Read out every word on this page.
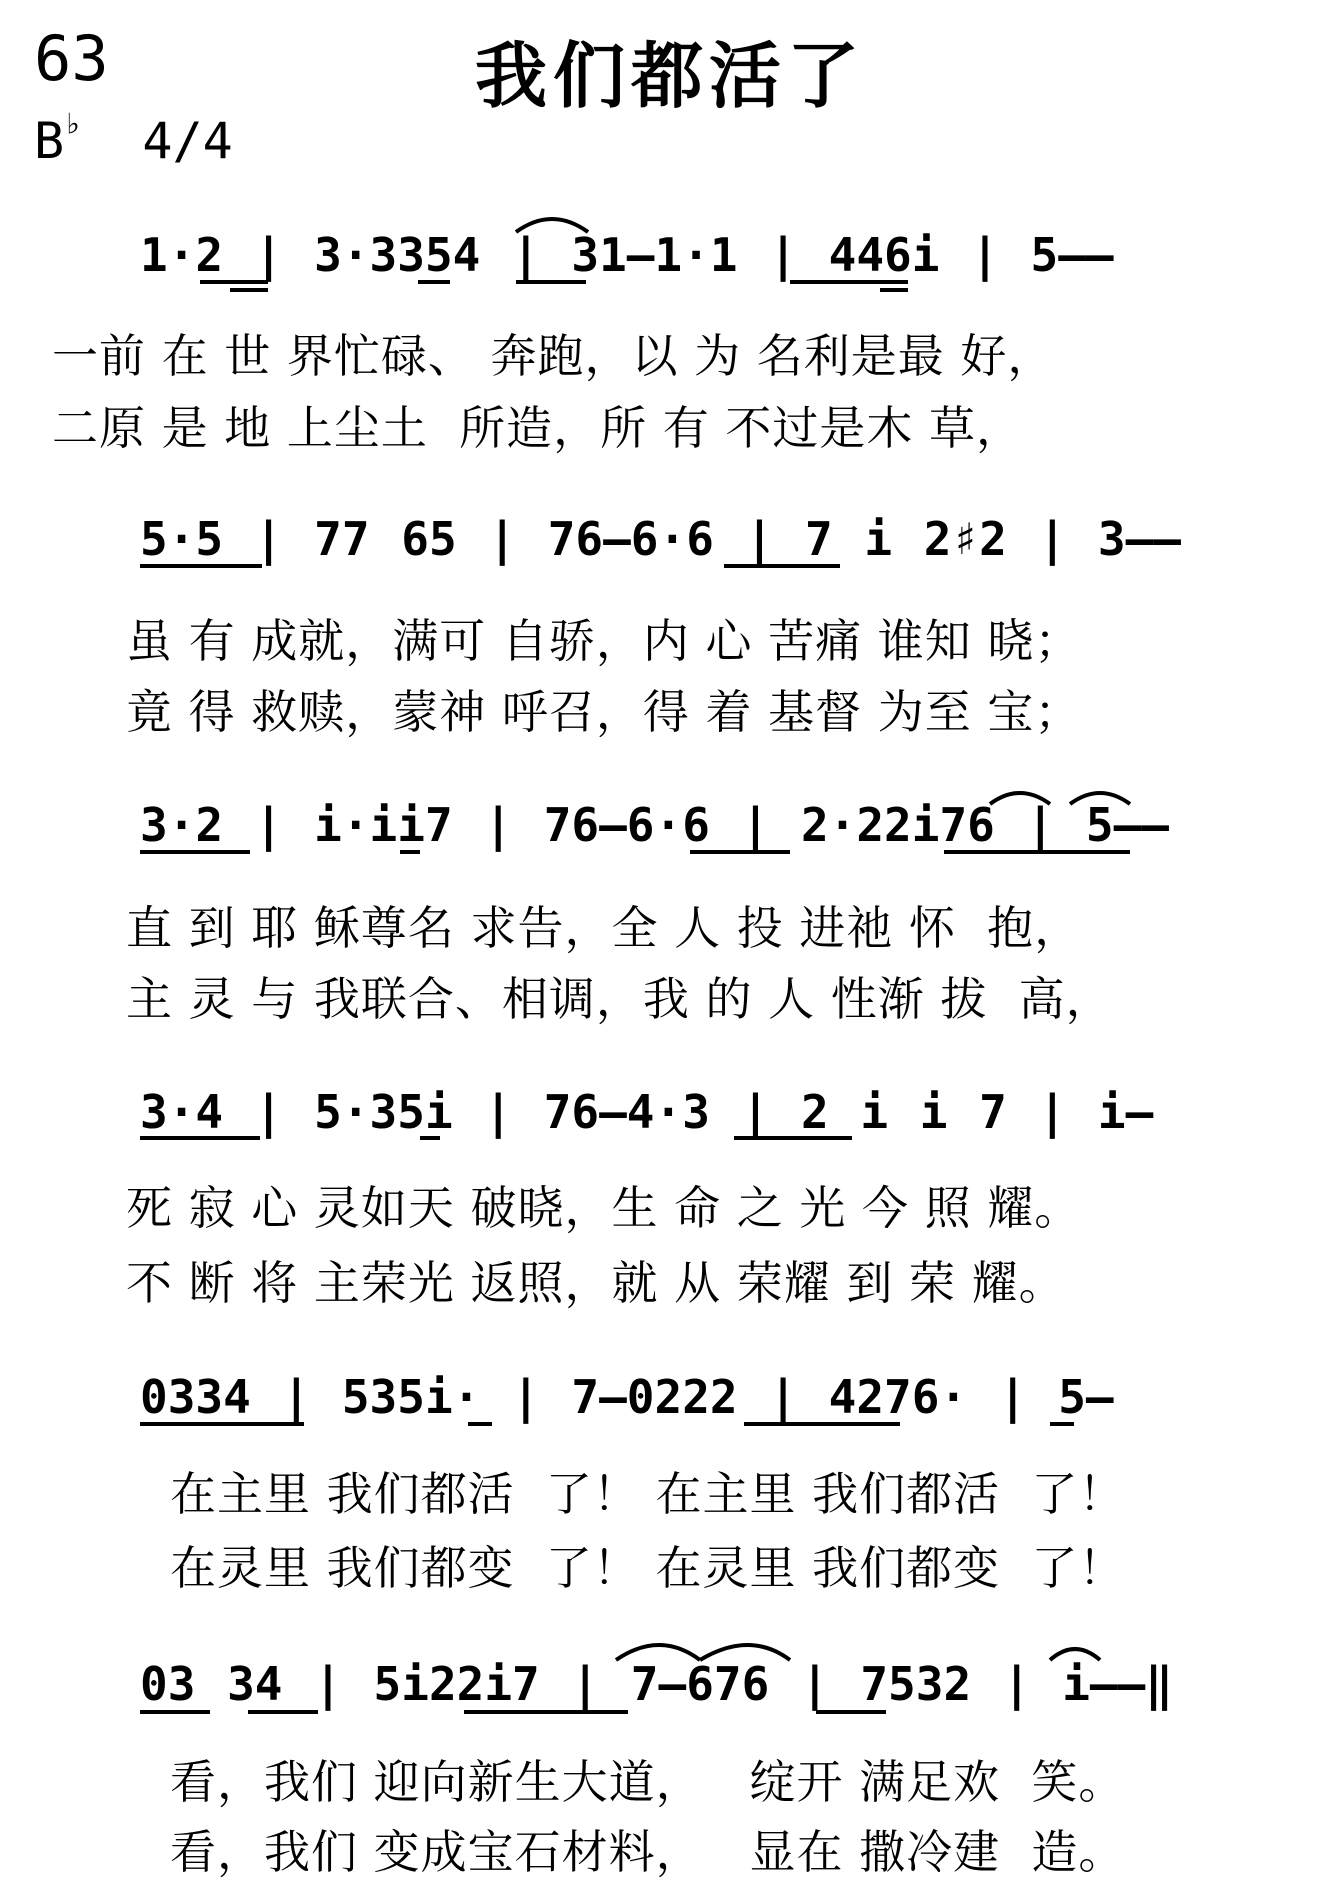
63	我们都活了
B♭ 4/4
1·2 | 3·3354 | 31–1·1 | 446i | 5––
一前 在 世 界忙碌、 奔跑，以 为 名利是最 好，
二原 是 地 上尘土  所造，所 有 不过是木 草，
5·5 | 77 65 | 76–6·6 | 7 i 2♯2 | 3––
虽 有 成就，满可 自骄，内 心 苦痛 谁知 晓；
竟 得 救赎，蒙神 呼召，得 着 基督 为至 宝；
3·2 | i·ii7 | 76–6·6 | 2·22i76 | 5––
直 到 耶 稣尊名 求告，全 人 投 进祂 怀  抱，
主 灵 与 我联合、相调，我 的 人 性渐 拔  高，
3·4 | 5·35i | 76–4·3 | 2 i i 7 | i–
死 寂 心 灵如天 破晓，生 命 之 光 今 照 耀。
不 断 将 主荣光 返照，就 从 荣耀 到 荣 耀。
0334 | 535i· | 7–0222 | 4276· | 5–
在主里 我们都活  了！ 在主里 我们都活  了！
在灵里 我们都变  了！ 在灵里 我们都变  了！
03 34 | 5i22i7 | 7–676 | 7532 | i––‖
看，我们 迎向新生大道，   绽开 满足欢  笑。
看，我们 变成宝石材料，   显在 撒冷建  造。
